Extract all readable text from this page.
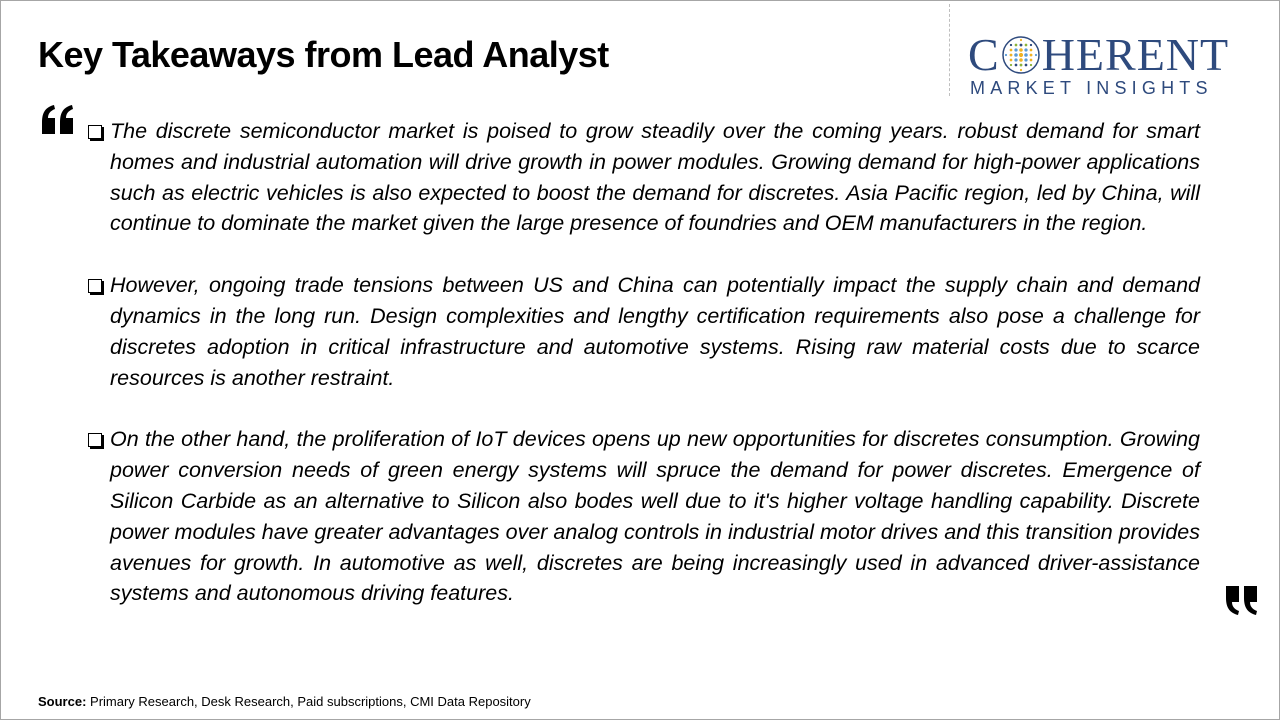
Key Takeaways from Lead Analyst	C HERENT
MARKET INSIGHTS
The discrete semiconductor market is poised to grow steadily over the coming years. robust demand for smart homes and industrial automation will drive growth in power modules. Growing demand for high-power applications such as electric vehicles is also expected to boost the demand for discretes. Asia Pacific region, led by China, will continue to dominate the market given the large presence of foundries and OEM manufacturers in the region.
However, ongoing trade tensions between US and China can potentially impact the supply chain and demand dynamics in the long run. Design complexities and lengthy certification requirements also pose a challenge for discretes adoption in critical infrastructure and automotive systems. Rising raw material costs due to scarce resources is another restraint.
On the other hand, the proliferation of IoT devices opens up new opportunities for discretes consumption. Growing power conversion needs of green energy systems will spruce the demand for power discretes. Emergence of Silicon Carbide as an alternative to Silicon also bodes well due to it's higher voltage handling capability. Discrete power modules have greater advantages over analog controls in industrial motor drives and this transition provides avenues for growth. In automotive as well, discretes are being increasingly used in advanced driver-assistance systems and autonomous driving features.
Source: Primary Research, Desk Research, Paid subscriptions, CMI Data Repository
